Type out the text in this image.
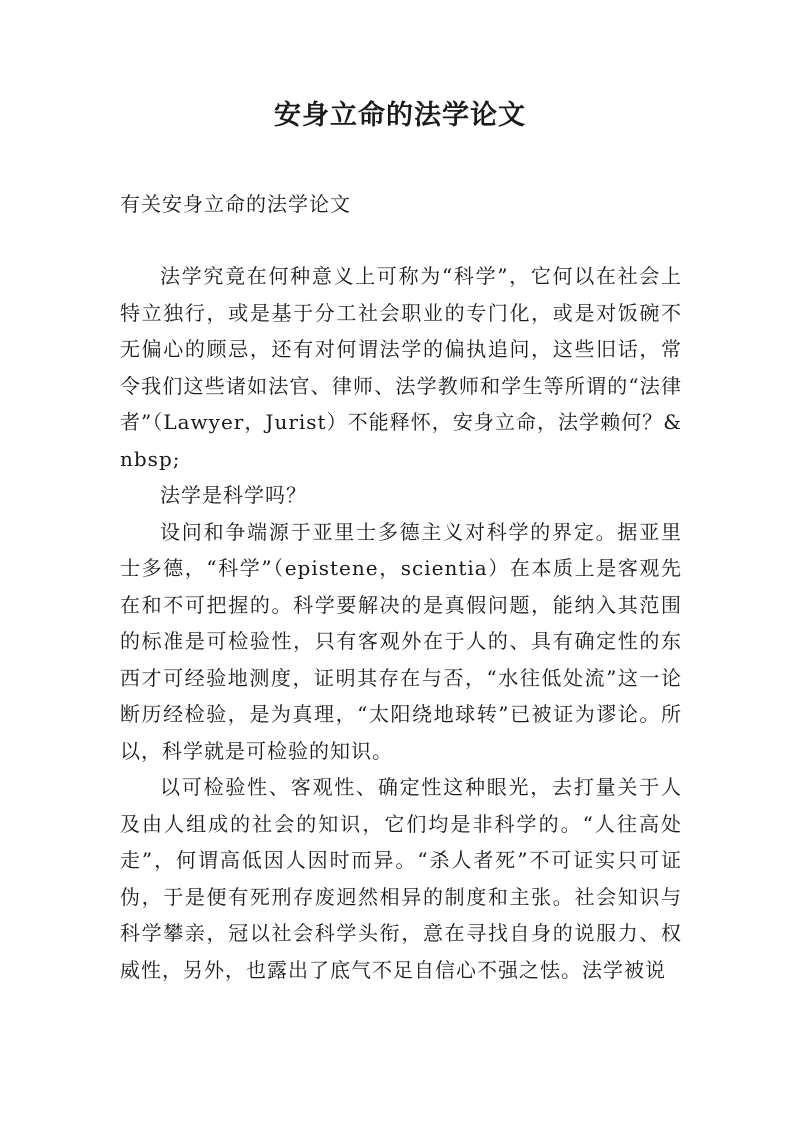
安身立命的法学论文

有关安身立命的法学论文

法学究竟在何种意义上可称为“科学”，它何以在社会上特立独行，或是基于分工社会职业的专门化，或是对饭碗不无偏心的顾忌，还有对何谓法学的偏执追问，这些旧话，常令我们这些诸如法官、律师、法学教师和学生等所谓的“法律者”（Lawyer，Jurist）不能释怀，安身立命，法学赖何？&nbsp;

法学是科学吗？

设问和争端源于亚里士多德主义对科学的界定。据亚里士多德，“科学”（epistene，scientia）在本质上是客观先在和不可把握的。科学要解决的是真假问题，能纳入其范围的标准是可检验性，只有客观外在于人的、具有确定性的东西才可经验地测度，证明其存在与否，“水往低处流”这一论断历经检验，是为真理，“太阳绕地球转”已被证为谬论。所以，科学就是可检验的知识。

以可检验性、客观性、确定性这种眼光，去打量关于人及由人组成的社会的知识，它们均是非科学的。“人往高处走”，何谓高低因人因时而异。“杀人者死”不可证实只可证伪，于是便有死刑存废迥然相异的制度和主张。社会知识与科学攀亲，冠以社会科学头衔，意在寻找自身的说服力、权威性，另外，也露出了底气不足自信心不强之怯。法学被说
